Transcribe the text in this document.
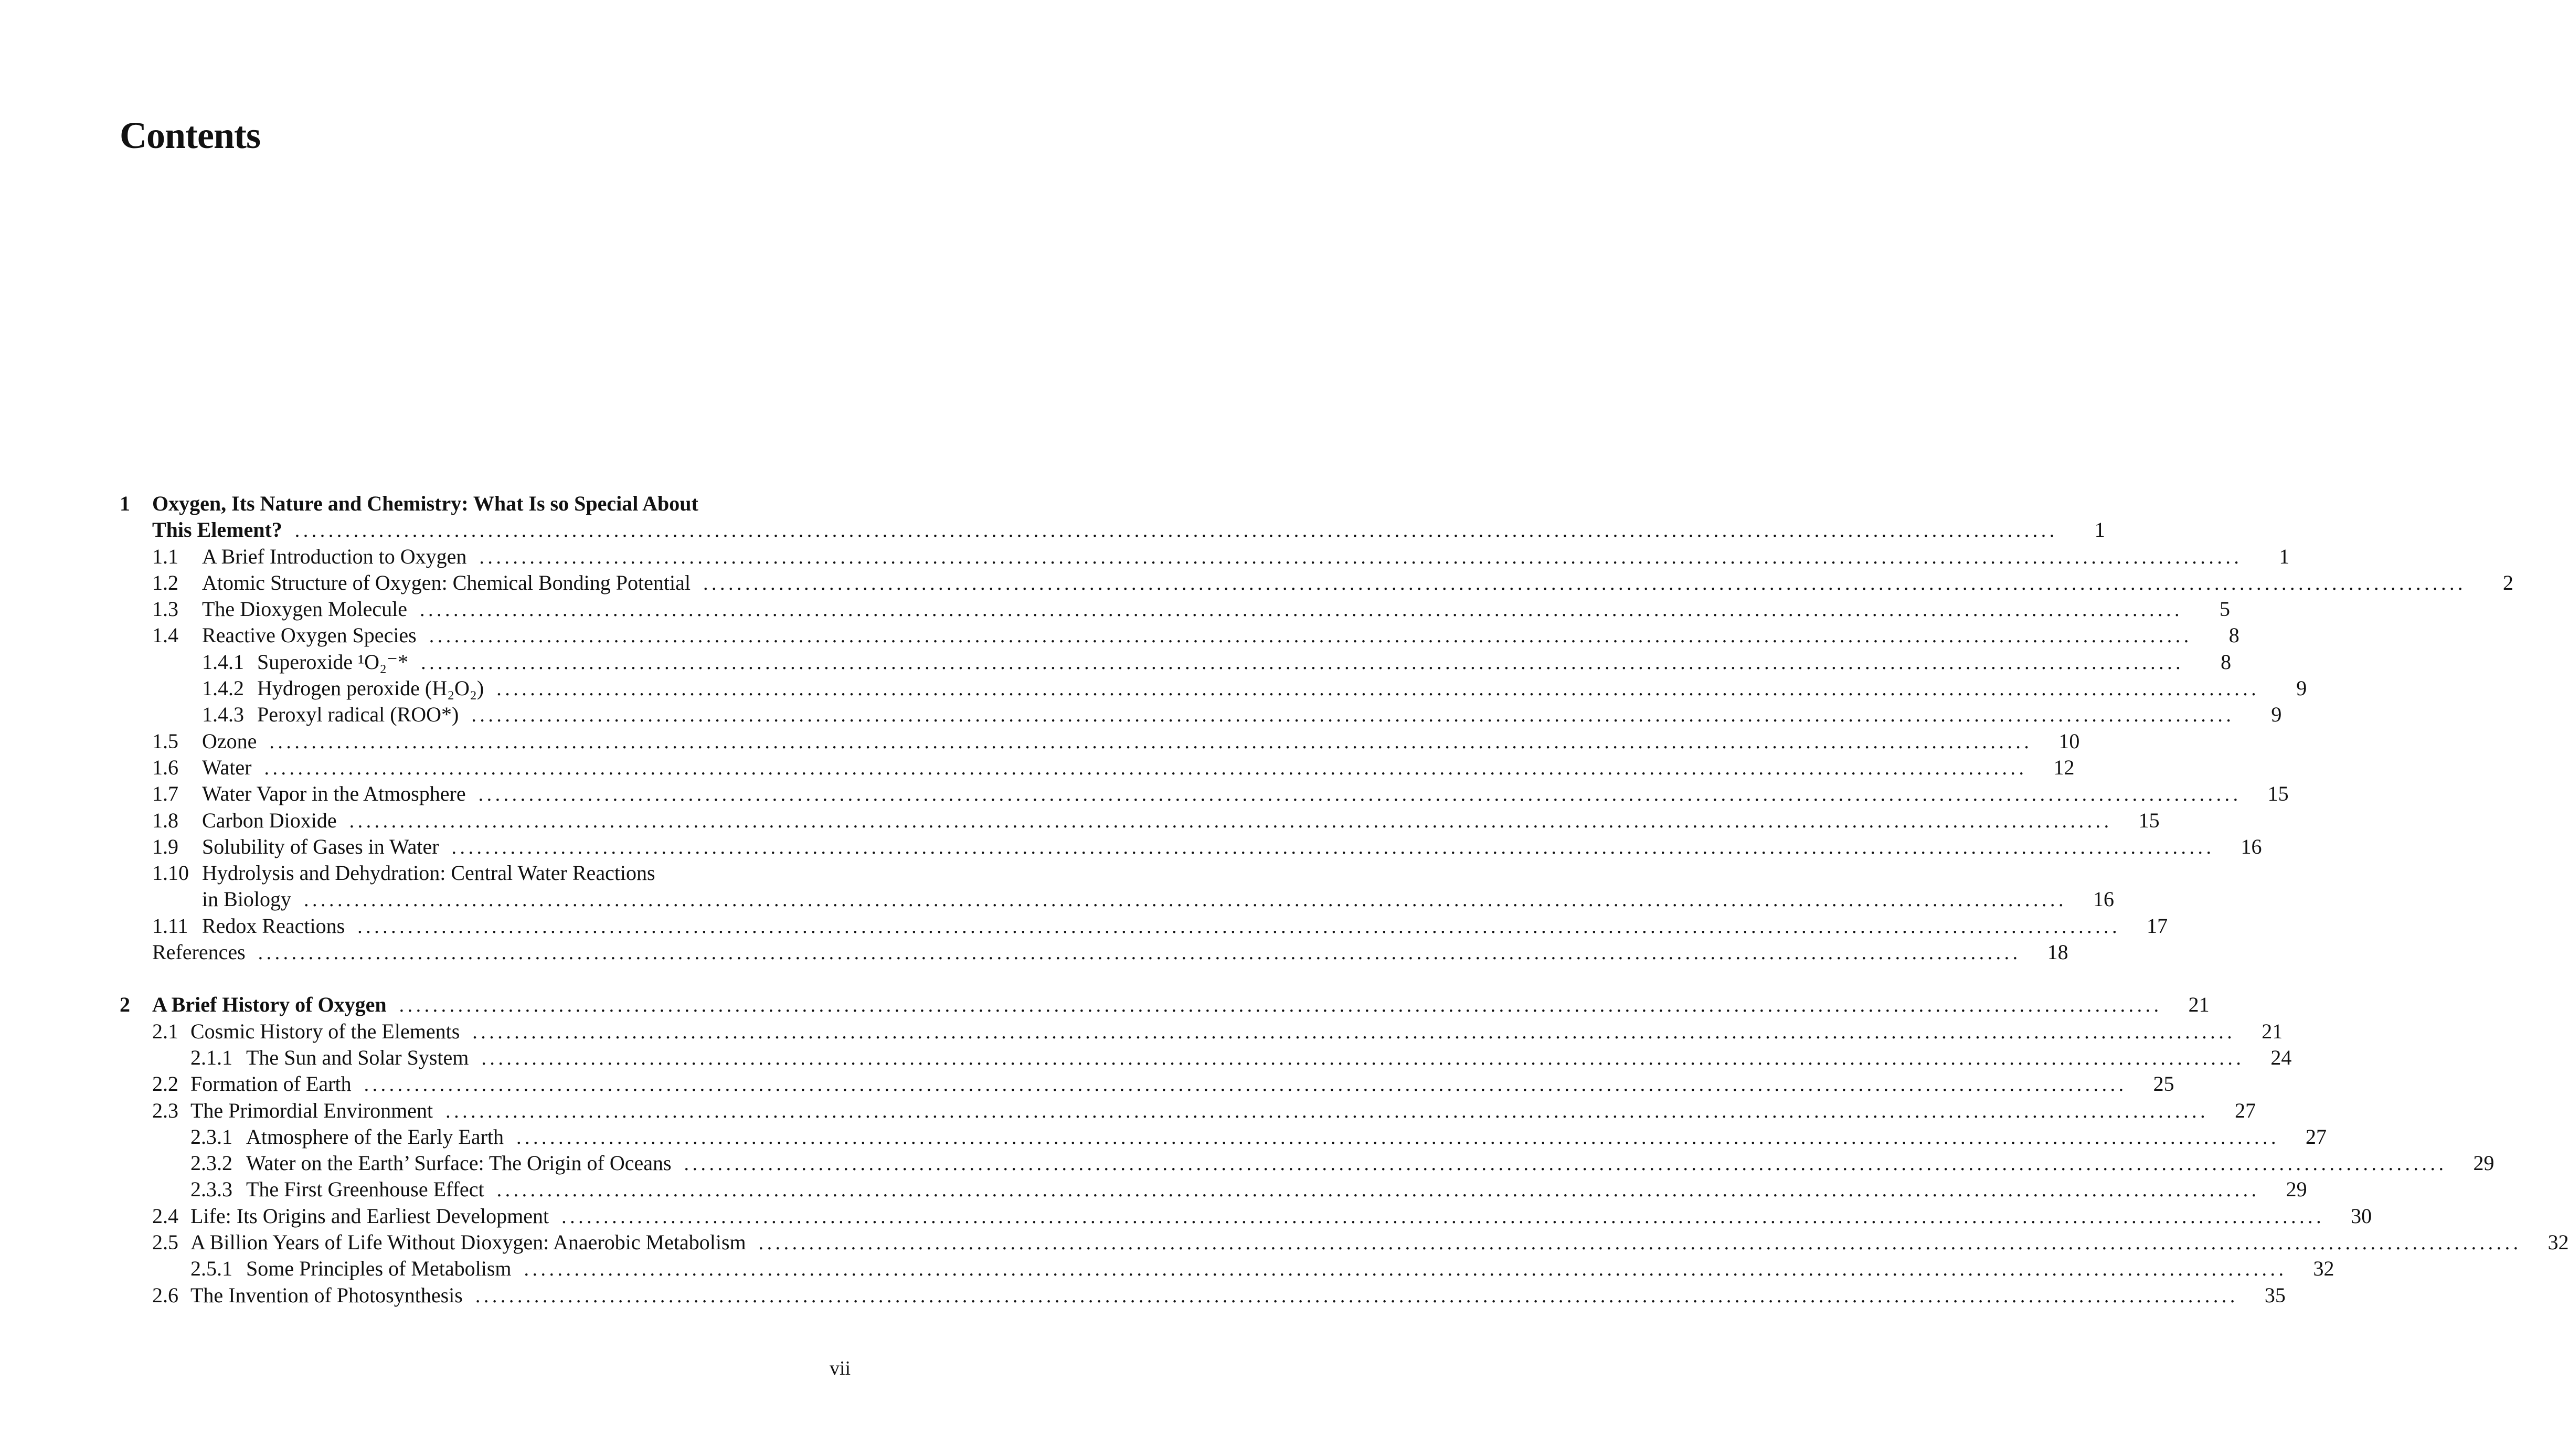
Contents
1 Oxygen, Its Nature and Chemistry: What Is so Special About
This Element? ..................................................................................................................................................................................................................	1
1.1 A Brief Introduction to Oxygen ..................................................................................................................................................................................................................	1
1.2 Atomic Structure of Oxygen: Chemical Bonding Potential ..................................................................................................................................................................................................................	2
1.3 The Dioxygen Molecule ..................................................................................................................................................................................................................	5
1.4 Reactive Oxygen Species ..................................................................................................................................................................................................................	8
1.4.1 Superoxide ¹O₂⁻* ..................................................................................................................................................................................................................	8
1.4.2 Hydrogen peroxide (H₂O₂) ..................................................................................................................................................................................................................	9
1.4.3 Peroxyl radical (ROO*) ..................................................................................................................................................................................................................	9
1.5 Ozone .................................................................................................................................................................................................................. 10
1.6 Water .................................................................................................................................................................................................................. 12
1.7 Water Vapor in the Atmosphere .................................................................................................................................................................................................................. 15
1.8 Carbon Dioxide .................................................................................................................................................................................................................. 15
1.9 Solubility of Gases in Water .................................................................................................................................................................................................................. 16
1.10 Hydrolysis and Dehydration: Central Water Reactions
in Biology .................................................................................................................................................................................................................. 16
1.11 Redox Reactions .................................................................................................................................................................................................................. 17
References .................................................................................................................................................................................................................. 18
2 A Brief History of Oxygen .................................................................................................................................................................................................................. 21
2.1 Cosmic History of the Elements .................................................................................................................................................................................................................. 21
2.1.1 The Sun and Solar System .................................................................................................................................................................................................................. 24
2.2 Formation of Earth .................................................................................................................................................................................................................. 25
2.3 The Primordial Environment .................................................................................................................................................................................................................. 27
2.3.1 Atmosphere of the Early Earth .................................................................................................................................................................................................................. 27
2.3.2 Water on the Earth’ Surface: The Origin of Oceans .................................................................................................................................................................................................................. 29
2.3.3 The First Greenhouse Effect .................................................................................................................................................................................................................. 29
2.4 Life: Its Origins and Earliest Development .................................................................................................................................................................................................................. 30
2.5 A Billion Years of Life Without Dioxygen: Anaerobic Metabolism .................................................................................................................................................................................................................. 32
2.5.1 Some Principles of Metabolism .................................................................................................................................................................................................................. 32
2.6 The Invention of Photosynthesis .................................................................................................................................................................................................................. 35
vii
